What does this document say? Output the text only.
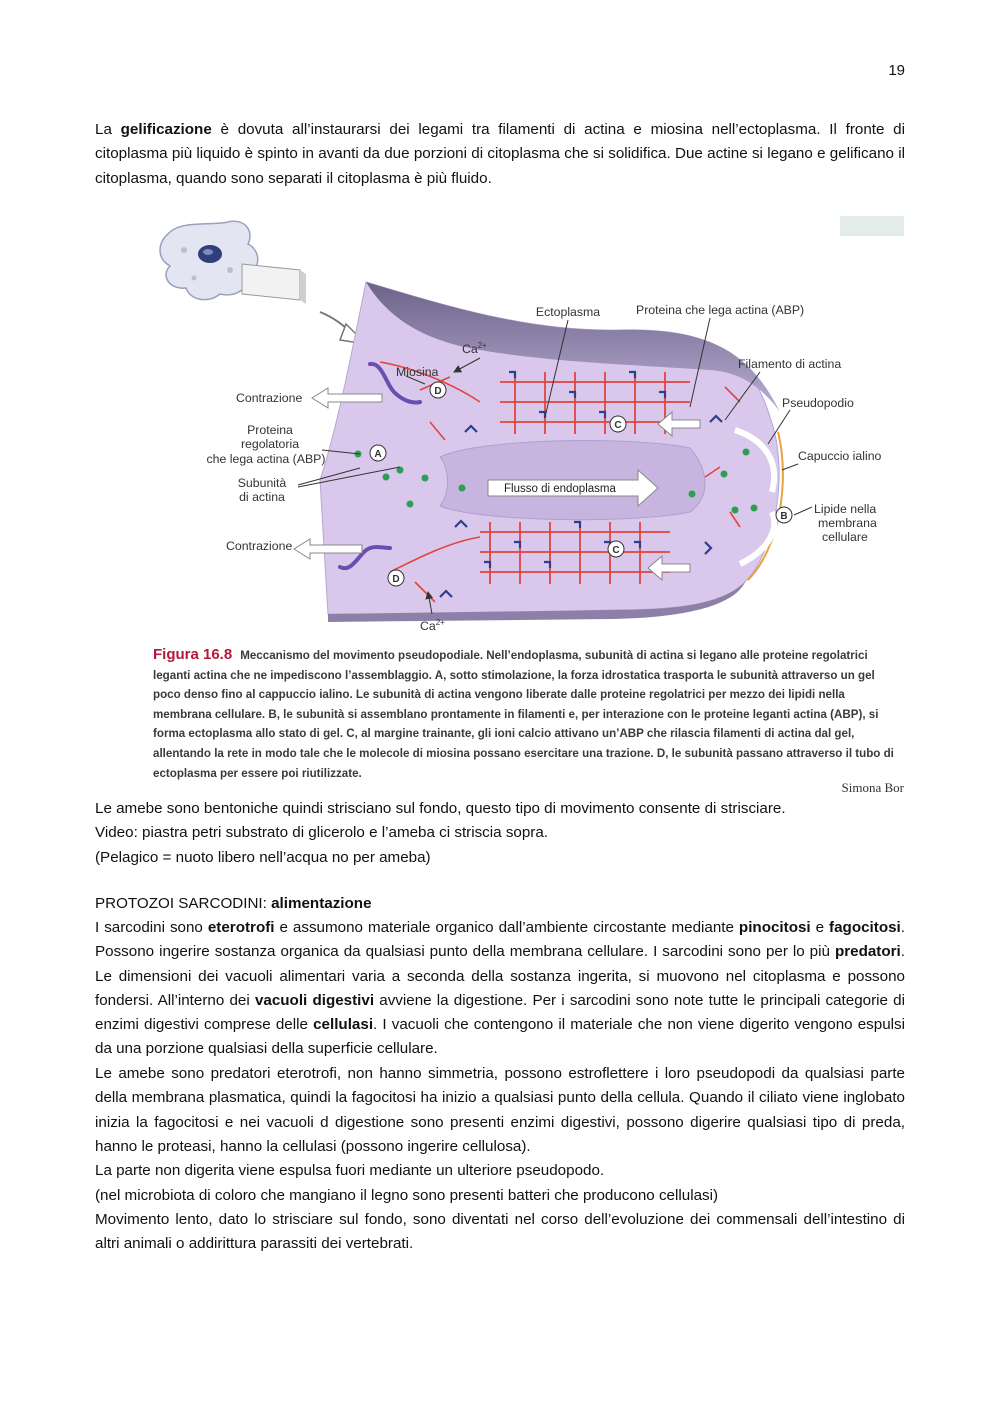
19

La gelificazione è dovuta all’instaurarsi dei legami tra filamenti di actina e miosina nell’ectoplasma. Il fronte di citoplasma più liquido è spinto in avanti da due porzioni di citoplasma che si solidifica. Due actine si legano e gelificano il citoplasma, quando sono separati il citoplasma è più fluido.

Flusso di endoplasma
D
A
C
C
B
D
Ectoplasma	Proteina che lega actina (ABP)
Filamento di actina
Pseudopodio
Capuccio ialino
Lipide nella
membrana
cellulare
Contrazione
Contrazione
Miosina
Proteina
regolatoria
che lega actina (ABP)
Subunità
di actina
$Ca^{2+}$
$Ca^{2+}$
Figura 16.8 Meccanismo del movimento pseudopodiale. Nell’endoplasma, subunità di actina si legano alle proteine regolatrici leganti actina che ne impediscono l’assemblaggio. A, sotto stimolazione, la forza idrostatica trasporta le subunità attraverso un gel poco denso fino al cappuccio ialino. Le subunità di actina vengono liberate dalle proteine regolatrici per mezzo dei lipidi nella membrana cellulare. B, le subunità si assemblano prontamente in filamenti e, per interazione con le proteine leganti actina (ABP), si forma ectoplasma allo stato di gel. C, al margine trainante, gli ioni calcio attivano un’ABP che rilascia filamenti di actina dal gel, allentando la rete in modo tale che le molecole di miosina possano esercitare una trazione. D, le subunità passano attraverso il tubo di ectoplasma per essere poi riutilizzate.
Simona Bor
Le amebe sono bentoniche quindi strisciano sul fondo, questo tipo di movimento consente di strisciare.
Video: piastra petri substrato di glicerolo e l’ameba ci striscia sopra.
(Pelagico = nuoto libero nell’acqua no per ameba)
PROTOZOI SARCODINI: alimentazione

I sarcodini sono eterotrofi e assumono materiale organico dall’ambiente circostante mediante pinocitosi e fagocitosi. Possono ingerire sostanza organica da qualsiasi punto della membrana cellulare. I sarcodini sono per lo più predatori. Le dimensioni dei vacuoli alimentari varia a seconda della sostanza ingerita, si muovono nel citoplasma e possono fondersi. All’interno dei vacuoli digestivi avviene la digestione. Per i sarcodini sono note tutte le principali categorie di enzimi digestivi comprese delle cellulasi. I vacuoli che contengono il materiale che non viene digerito vengono espulsi da una porzione qualsiasi della superficie cellulare.

Le amebe sono predatori eterotrofi, non hanno simmetria, possono estroflettere i loro pseudopodi da qualsiasi parte della membrana plasmatica, quindi la fagocitosi ha inizio a qualsiasi punto della cellula. Quando il ciliato viene inglobato inizia la fagocitosi e nei vacuoli d digestione sono presenti enzimi digestivi, possono digerire qualsiasi tipo di preda, hanno le proteasi, hanno la cellulasi (possono ingerire cellulosa).

La parte non digerita viene espulsa fuori mediante un ulteriore pseudopodo.

(nel microbiota di coloro che mangiano il legno sono presenti batteri che producono cellulasi)

Movimento lento, dato lo strisciare sul fondo, sono diventati nel corso dell’evoluzione dei commensali dell’intestino di altri animali o addirittura parassiti dei vertebrati.
